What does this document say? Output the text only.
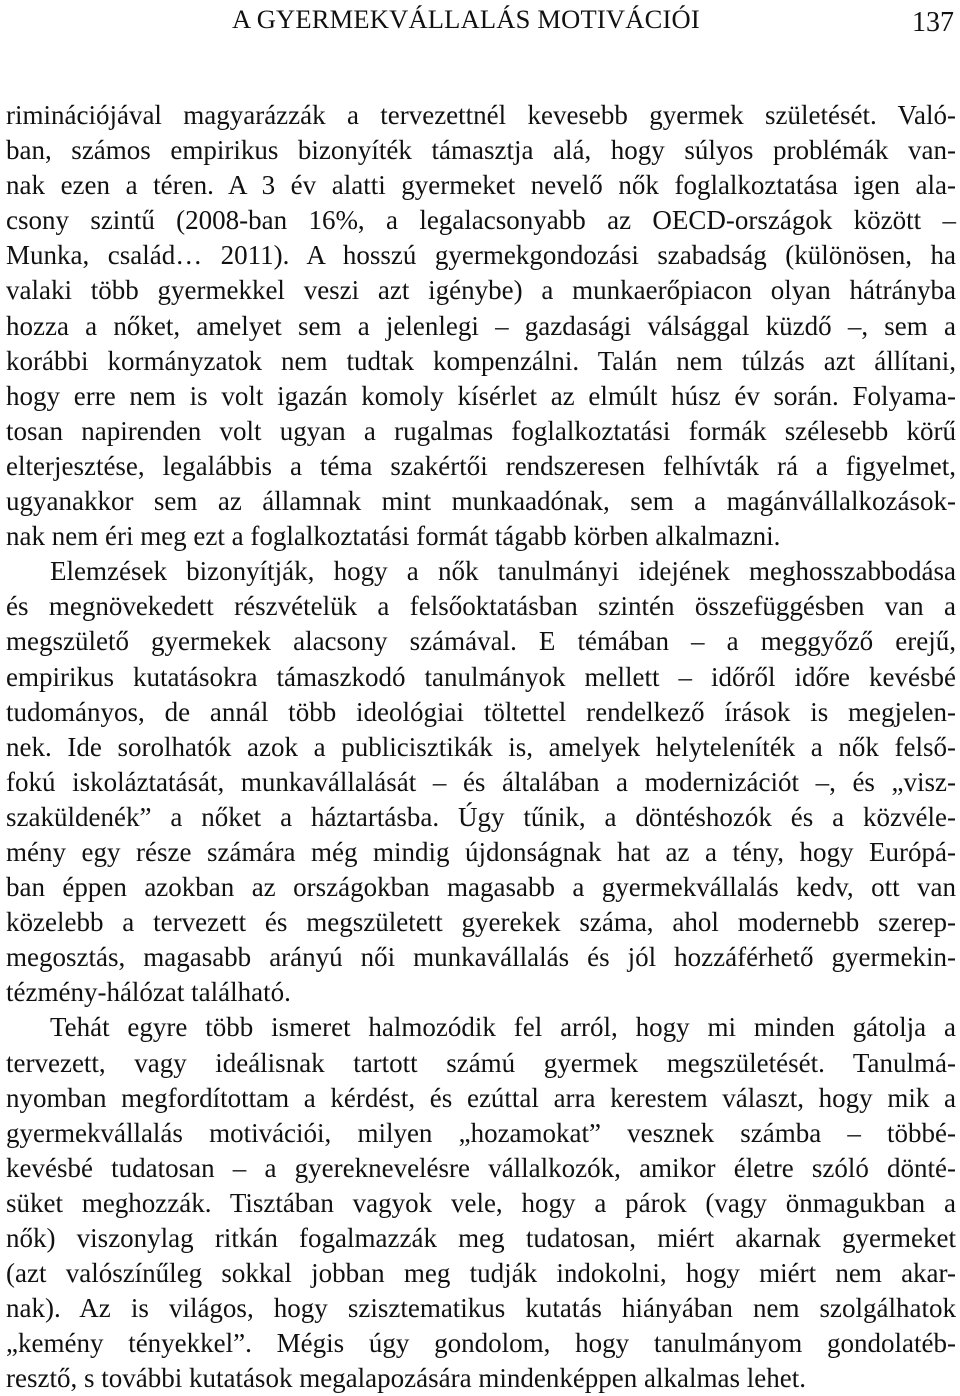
A GYERMEKVÁLLALÁS MOTIVÁCIÓI	137
riminációjával magyarázzák a tervezettnél kevesebb gyermek születését. Való-
ban, számos empirikus bizonyíték támasztja alá, hogy súlyos problémák van-
nak ezen a téren. A 3 év alatti gyermeket nevelő nők foglalkoztatása igen ala-
csony szintű (2008-ban 16%, a legalacsonyabb az OECD-országok között –
Munka, család… 2011). A hosszú gyermekgondozási szabadság (különösen, ha
valaki több gyermekkel veszi azt igénybe) a munkaerőpiacon olyan hátrányba
hozza a nőket, amelyet sem a jelenlegi – gazdasági válsággal küzdő –, sem a
korábbi kormányzatok nem tudtak kompenzálni. Talán nem túlzás azt állítani,
hogy erre nem is volt igazán komoly kísérlet az elmúlt húsz év során. Folyama-
tosan napirenden volt ugyan a rugalmas foglalkoztatási formák szélesebb körű
elterjesztése, legalábbis a téma szakértői rendszeresen felhívták rá a figyelmet,
ugyanakkor sem az államnak mint munkaadónak, sem a magánvállalkozások-
nak nem éri meg ezt a foglalkoztatási formát tágabb körben alkalmazni.
Elemzések bizonyítják, hogy a nők tanulmányi idejének meghosszabbodása
és megnövekedett részvételük a felsőoktatásban szintén összefüggésben van a
megszülető gyermekek alacsony számával. E témában – a meggyőző erejű,
empirikus kutatásokra támaszkodó tanulmányok mellett – időről időre kevésbé
tudományos, de annál több ideológiai töltettel rendelkező írások is megjelen-
nek. Ide sorolhatók azok a publicisztikák is, amelyek helyteleníték a nők felső-
fokú iskoláztatását, munkavállalását – és általában a modernizációt –, és „visz-
szaküldenék” a nőket a háztartásba. Úgy tűnik, a döntéshozók és a közvéle-
mény egy része számára még mindig újdonságnak hat az a tény, hogy Európá-
ban éppen azokban az országokban magasabb a gyermekvállalás kedv, ott van
közelebb a tervezett és megszületett gyerekek száma, ahol modernebb szerep-
megosztás, magasabb arányú női munkavállalás és jól hozzáférhető gyermekin-
tézmény-hálózat található.
Tehát egyre több ismeret halmozódik fel arról, hogy mi minden gátolja a
tervezett, vagy ideálisnak tartott számú gyermek megszületését. Tanulmá-
nyomban megfordítottam a kérdést, és ezúttal arra kerestem választ, hogy mik a
gyermekvállalás motivációi, milyen „hozamokat” vesznek számba – többé-
kevésbé tudatosan – a gyereknevelésre vállalkozók, amikor életre szóló dönté-
süket meghozzák. Tisztában vagyok vele, hogy a párok (vagy önmagukban a
nők) viszonylag ritkán fogalmazzák meg tudatosan, miért akarnak gyermeket
(azt valószínűleg sokkal jobban meg tudják indokolni, hogy miért nem akar-
nak). Az is világos, hogy szisztematikus kutatás hiányában nem szolgálhatok
„kemény tényekkel”. Mégis úgy gondolom, hogy tanulmányom gondolatéb-
resztő, s további kutatások megalapozására mindenképpen alkalmas lehet.
